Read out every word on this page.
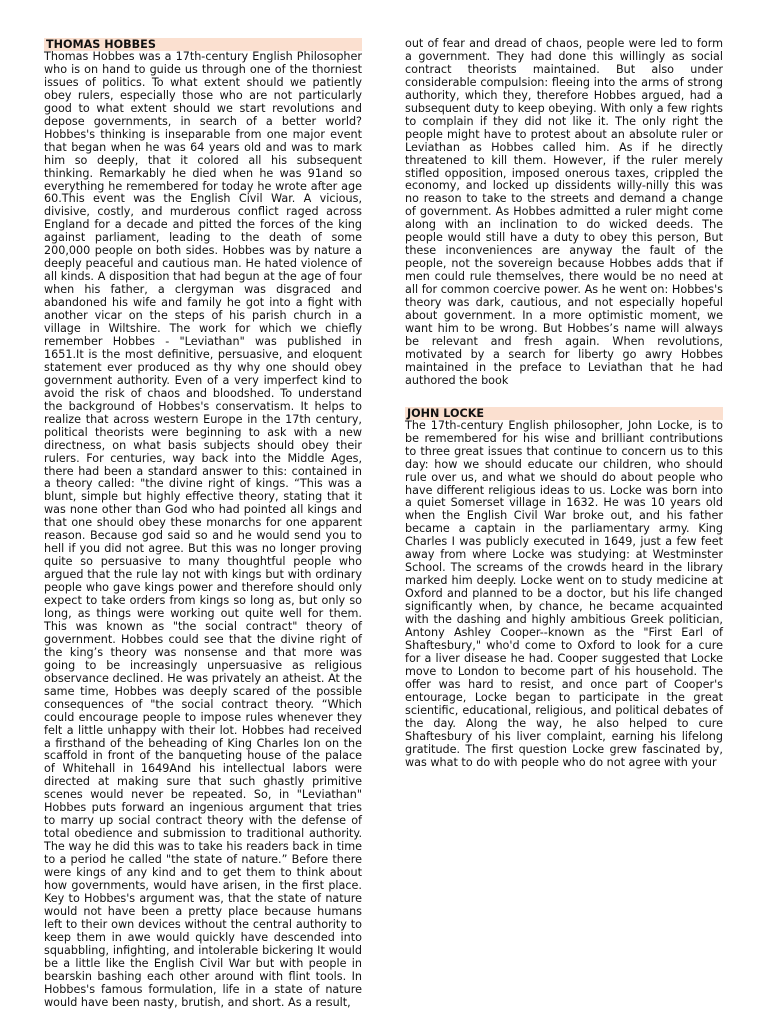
THOMAS HOBBES
Thomas Hobbes was a 17th-century English Philosopher who is on hand to guide us through one of the thorniest issues of politics. To what extent should we patiently obey rulers, especially those who are not particularly good to what extent should we start revolutions and depose governments, in search of a better world? Hobbes's thinking is inseparable from one major event that began when he was 64 years old and was to mark him so deeply, that it colored all his subsequent thinking. Remarkably he died when he was 91and so everything he remembered for today he wrote after age 60.This event was the English Civil War. A vicious, divisive, costly, and murderous conflict raged across England for a decade and pitted the forces of the king against parliament, leading to the death of some 200,000 people on both sides. Hobbes was by nature a deeply peaceful and cautious man. He hated violence of all kinds. A disposition that had begun at the age of four when his father, a clergyman was disgraced and abandoned his wife and family he got into a fight with another vicar on the steps of his parish church in a village in Wiltshire. The work for which we chiefly remember Hobbes - "Leviathan" was published in 1651.It is the most definitive, persuasive, and eloquent statement ever produced as thy why one should obey government authority. Even of a very imperfect kind to avoid the risk of chaos and bloodshed. To understand the background of Hobbes's conservatism. It helps to realize that across western Europe in the 17th century, political theorists were beginning to ask with a new directness, on what basis subjects should obey their rulers. For centuries, way back into the Middle Ages, there had been a standard answer to this: contained in a theory called: "the divine right of kings. “This was a blunt, simple but highly effective theory, stating that it was none other than God who had pointed all kings and that one should obey these monarchs for one apparent reason. Because god said so and he would send you to hell if you did not agree. But this was no longer proving quite so persuasive to many thoughtful people who argued that the rule lay not with kings but with ordinary people who gave kings power and therefore should only expect to take orders from kings so long as, but only so long, as things were working out quite well for them. This was known as "the social contract" theory of government. Hobbes could see that the divine right of the king’s theory was nonsense and that more was going to be increasingly unpersuasive as religious observance declined. He was privately an atheist. At the same time, Hobbes was deeply scared of the possible consequences of "the social contract theory. “Which could encourage people to impose rules whenever they felt a little unhappy with their lot. Hobbes had received a firsthand of the beheading of King Charles Ion on the scaffold in front of the banqueting house of the palace of Whitehall in 1649And his intellectual labors were directed at making sure that such ghastly primitive scenes would never be repeated. So, in "Leviathan" Hobbes puts forward an ingenious argument that tries to marry up social contract theory with the defense of total obedience and submission to traditional authority. The way he did this was to take his readers back in time to a period he called "the state of nature.” Before there were kings of any kind and to get them to think about how governments, would have arisen, in the first place. Key to Hobbes's argument was, that the state of nature would not have been a pretty place because humans left to their own devices without the central authority to keep them in awe would quickly have descended into squabbling, infighting, and intolerable bickering It would be a little like the English Civil War but with people in bearskin bashing each other around with flint tools. In Hobbes's famous formulation, life in a state of nature would have been nasty, brutish, and short. As a result,
out of fear and dread of chaos, people were led to form a government. They had done this willingly as social contract theorists maintained. But also under considerable compulsion: fleeing into the arms of strong authority, which they, therefore Hobbes argued, had a subsequent duty to keep obeying. With only a few rights to complain if they did not like it. The only right the people might have to protest about an absolute ruler or Leviathan as Hobbes called him. As if he directly threatened to kill them. However, if the ruler merely stifled opposition, imposed onerous taxes, crippled the economy, and locked up dissidents willy-nilly this was no reason to take to the streets and demand a change of government. As Hobbes admitted a ruler might come along with an inclination to do wicked deeds. The people would still have a duty to obey this person, But these inconveniences are anyway the fault of the people, not the sovereign because Hobbes adds that if men could rule themselves, there would be no need at all for common coercive power. As he went on: Hobbes's theory was dark, cautious, and not especially hopeful about government. In a more optimistic moment, we want him to be wrong. But Hobbes’s name will always be relevant and fresh again. When revolutions, motivated by a search for liberty go awry Hobbes maintained in the preface to Leviathan that he had authored the book
JOHN LOCKE
The 17th-century English philosopher, John Locke, is to be remembered for his wise and brilliant contributions to three great issues that continue to concern us to this day: how we should educate our children, who should rule over us, and what we should do about people who have different religious ideas to us. Locke was born into a quiet Somerset village in 1632. He was 10 years old when the English Civil War broke out, and his father became a captain in the parliamentary army. King Charles I was publicly executed in 1649, just a few feet away from where Locke was studying: at Westminster School. The screams of the crowds heard in the library marked him deeply. Locke went on to study medicine at Oxford and planned to be a doctor, but his life changed significantly when, by chance, he became acquainted with the dashing and highly ambitious Greek politician, Antony Ashley Cooper--known as the "First Earl of Shaftesbury," who'd come to Oxford to look for a cure for a liver disease he had. Cooper suggested that Locke move to London to become part of his household. The offer was hard to resist, and once part of Cooper's entourage, Locke began to participate in the great scientific, educational, religious, and political debates of the day. Along the way, he also helped to cure Shaftesbury of his liver complaint, earning his lifelong gratitude. The first question Locke grew fascinated by, was what to do with people who do not agree with your
